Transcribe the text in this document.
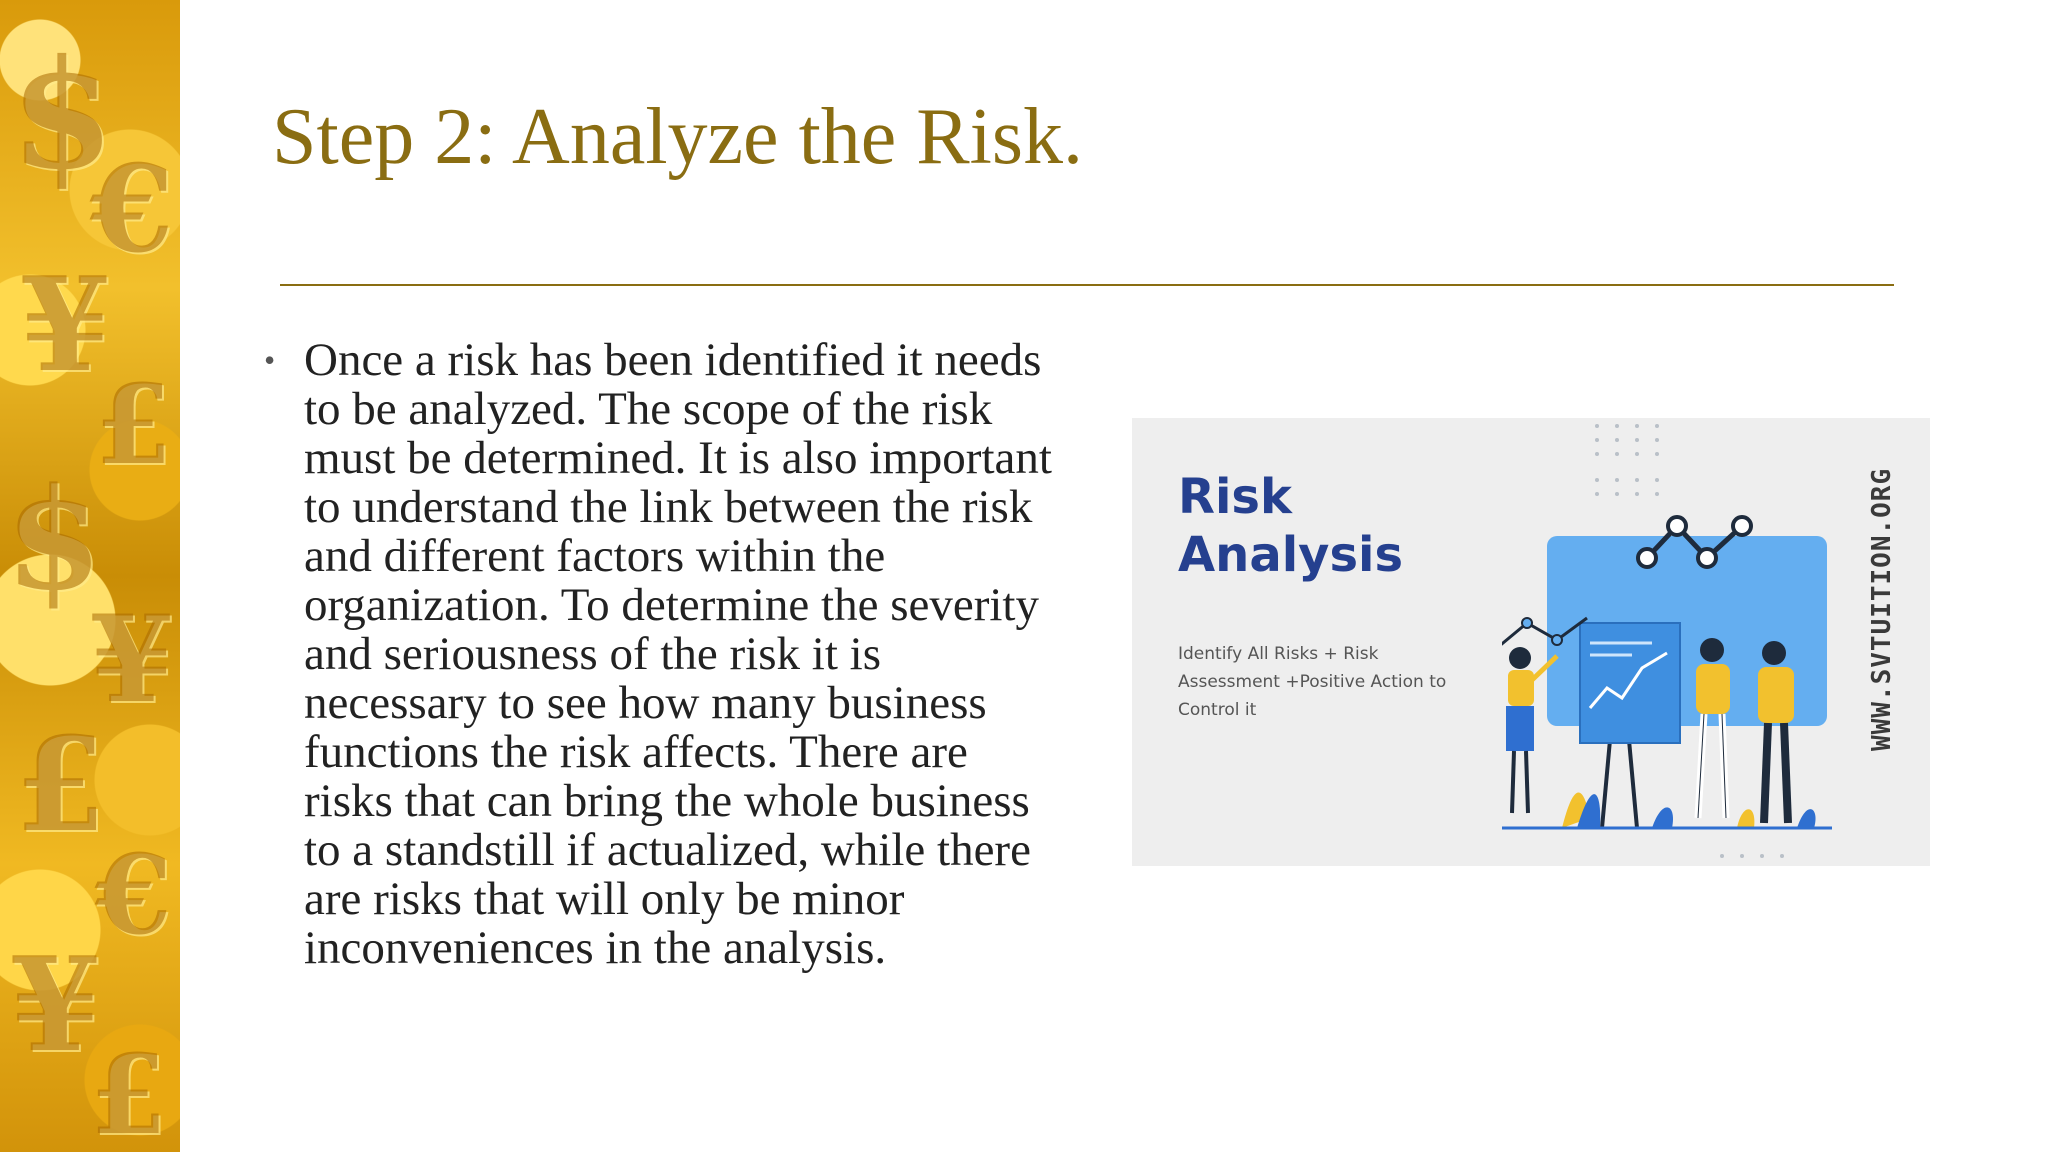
$
€
¥
£
$
¥
£
€
¥
£
Step 2: Analyze the Risk.
• Once a risk has been identified it needs to be analyzed. The scope of the risk must be determined. It is also important to understand the link between the risk and different factors within the organization. To determine the severity and seriousness of the risk it is necessary to see how many business functions the risk affects. There are risks that can bring the whole business to a standstill if actualized, while there are risks that will only be minor inconveniences in the analysis.
Risk
Analysis
Identify All Risks + Risk Assessment +Positive Action to Control it	WWW.SVTUITION.ORG
